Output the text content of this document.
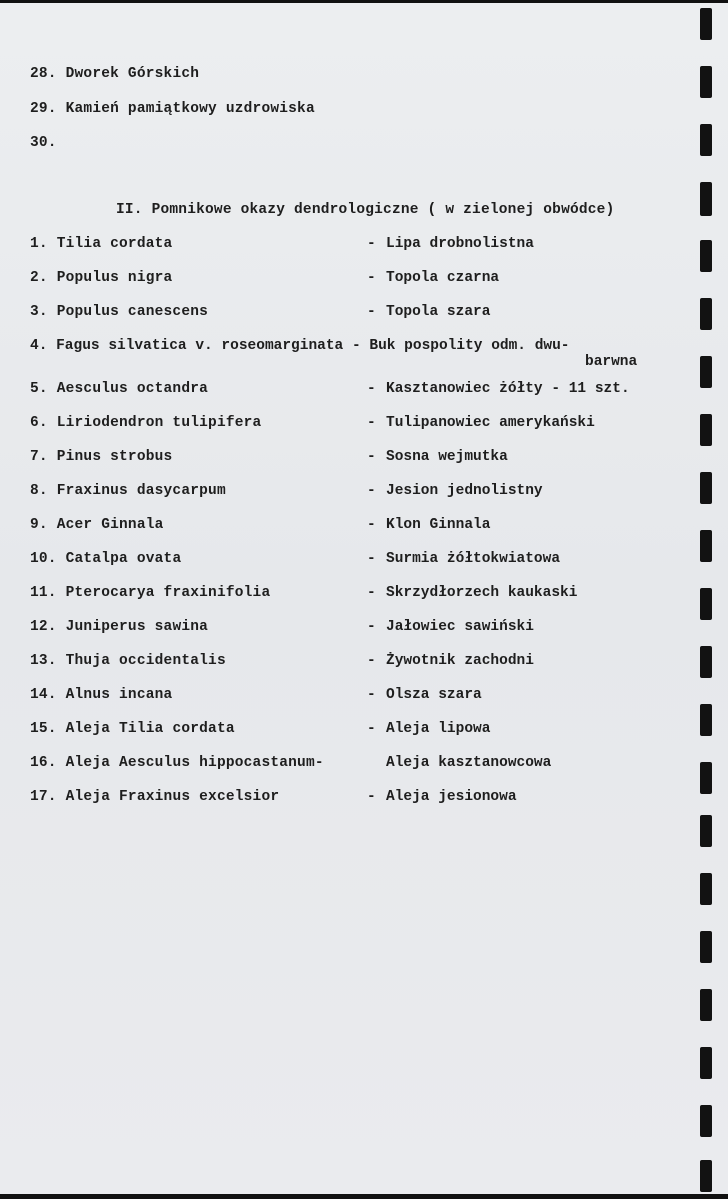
28. Dworek Górskich
29. Kamień pamiątkowy uzdrowiska
30.
II. Pomnikowe okazy dendrologiczne ( w zielonej obwódce)
1. Tilia cordata	- Lipa drobnolistna
2. Populus nigra	- Topola czarna
3. Populus canescens	- Topola szara
4. Fagus silvatica v. roseomarginata - Buk pospolity odm. dwu-
barwna
5. Aesculus octandra	- Kasztanowiec żółty - 11 szt.
6. Liriodendron tulipifera	- Tulipanowiec amerykański
7. Pinus strobus	- Sosna wejmutka
8. Fraxinus dasycarpum	- Jesion jednolistny
9. Acer Ginnala	- Klon Ginnala
10. Catalpa ovata	- Surmia żółtokwiatowa
11. Pterocarya fraxinifolia	- Skrzydłorzech kaukaski
12. Juniperus sawina	- Jałowiec sawiński
13. Thuja occidentalis	- Żywotnik zachodni
14. Alnus incana	- Olsza szara
15. Aleja Tilia cordata	- Aleja lipowa
16. Aleja Aesculus hippocastanum-	Aleja kasztanowcowa
17. Aleja Fraxinus excelsior	- Aleja jesionowa
